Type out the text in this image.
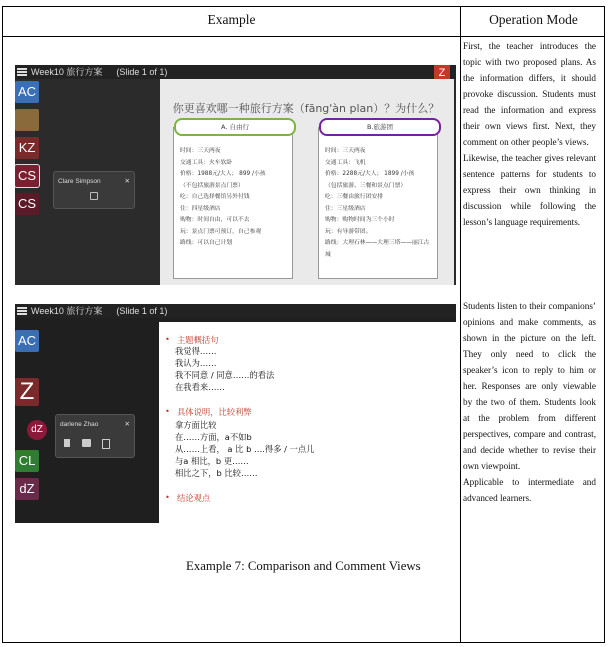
Example	Operation Mode
Week10 旅行方案 (Slide 1 of 1)	Z
AC
KZ
CS
CS
Clare Simpson	✕
你更喜欢哪一种旅行方案（fāng'àn plan）？为什么？
A. 自由行
时间：三天两夜
交通工具：火车软卧
价格：1988元/大人； 899 /小孩
（不包括旅游景点门票）
吃：自己选择餐馆另外付钱
住：四星级酒店
购物：时间自由，可以不去
玩：景点门票可预订，自己参观
路线：可以自己计划
B.旅游团
时间：三天两夜
交通工具：飞机
价格：2288元/大人； 1899 /小孩
（包括旅游、三餐和景点门票）
吃：三餐由旅行团安排
住：三星级酒店
购物：购物时间为三个小时
玩：有导游带团。
路线：大理石林——大理三塔——丽江古城
Week10 旅行方案 (Slide 1 of 1)
AC
Z
dZ
CL
dZ
darlene Zhao	✕
• 主题概括句
我觉得……
我认为……
我不同意 / 同意……的看法
在我看来……
• 具体说明，比较利弊
拿方面比较
在……方面，a不如b
从……上看， a 比 b ….得多 / 一点儿
与a 相比，b 更……
相比之下，b 比较……
• 结论观点
Example 7: Comparison and Comment Views

First, the teacher introduces the topic with two proposed plans. As the information differs, it should provoke discussion. Students must read the information and express their own views first. Next, they comment on other people’s views.

Likewise, the teacher gives relevant sentence patterns for students to express their own thinking in discussion while following the lesson’s language requirements.

Students listen to their companions’ opinions and make comments, as shown in the picture on the left. They only need to click the speaker’s icon to reply to him or her. Responses are only viewable by the two of them. Students look at the problem from different perspectives, compare and contrast, and decide whether to revise their own viewpoint.

Applicable to intermediate and advanced learners.
